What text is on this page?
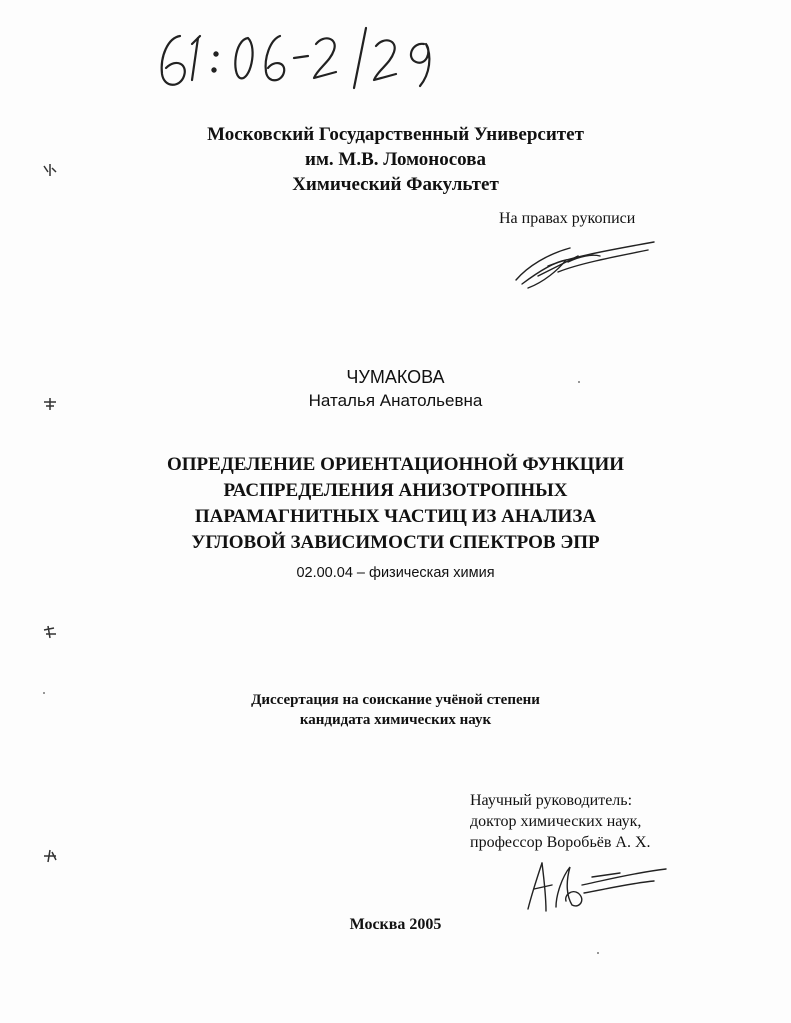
Московский Государственный Университет
им. М.В. Ломоносова
Химический Факультет
На правах рукописи
ЧУМАКОВА
Наталья Анатольевна
ОПРЕДЕЛЕНИЕ ОРИЕНТАЦИОННОЙ ФУНКЦИИ
РАСПРЕДЕЛЕНИЯ АНИЗОТРОПНЫХ
ПАРАМАГНИТНЫХ ЧАСТИЦ ИЗ АНАЛИЗА
УГЛОВОЙ ЗАВИСИМОСТИ СПЕКТРОВ ЭПР
02.00.04 – физическая химия
Диссертация на соискание учёной степени
кандидата химических наук
Научный руководитель:
доктор химических наук,
профессор Воробьёв А. Х.
Москва 2005
